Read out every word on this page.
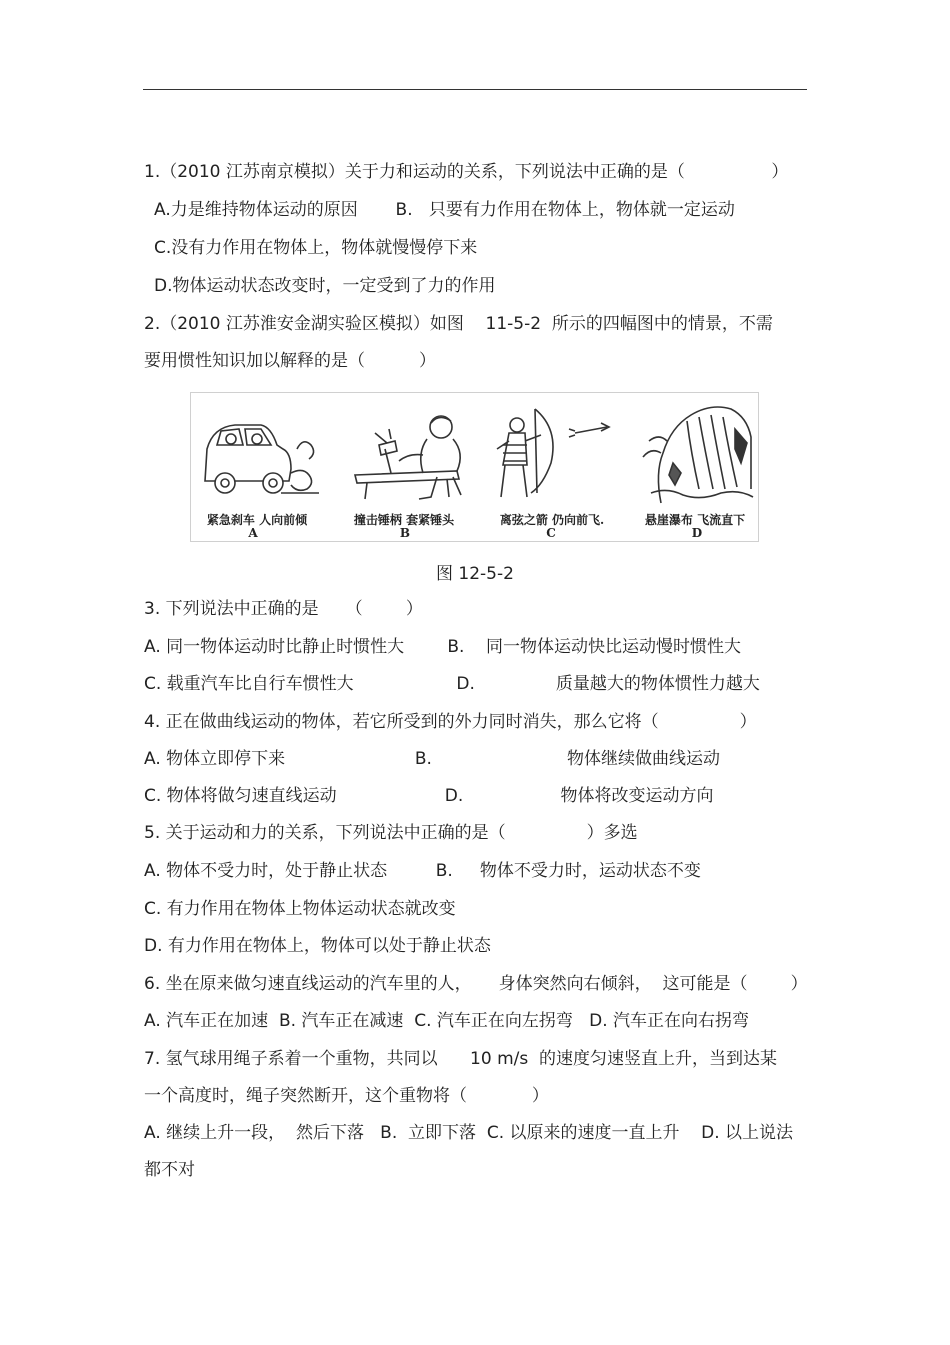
1.（2010 江苏南京模拟）关于力和运动的关系，下列说法中正确的是（                ）
A.力是维持物体运动的原因       B.   只要有力作用在物体上，物体就一定运动
C.没有力作用在物体上，物体就慢慢停下来
D.物体运动状态改变时，一定受到了力的作用
2.（2010 江苏淮安金湖实验区模拟）如图    11-5-2  所示的四幅图中的情景，不需
要用惯性知识加以解释的是（          ）
紧急刹车 人向前倾
A
撞击锤柄 套紧锤头
B
离弦之箭 仍向前飞.
C
悬崖瀑布 飞流直下
D
图 12-5-2
3. 下列说法中正确的是     （        ）
A. 同一物体运动时比静止时惯性大        B.    同一物体运动快比运动慢时惯性大
C. 载重汽车比自行车惯性大                   D.               质量越大的物体惯性力越大
4. 正在做曲线运动的物体，若它所受到的外力同时消失，那么它将（               ）
A. 物体立即停下来                        B.                         物体继续做曲线运动
C. 物体将做匀速直线运动                    D.                  物体将改变运动方向
5. 关于运动和力的关系，下列说法中正确的是（               ）多选
A. 物体不受力时，处于静止状态         B.     物体不受力时，运动状态不变
C. 有力作用在物体上物体运动状态就改变
D. 有力作用在物体上，物体可以处于静止状态
6. 坐在原来做匀速直线运动的汽车里的人，     身体突然向右倾斜，  这可能是（        ）
A. 汽车正在加速  B. 汽车正在减速  C. 汽车正在向左拐弯   D. 汽车正在向右拐弯
7. 氢气球用绳子系着一个重物，共同以      10 m/s  的速度匀速竖直上升，当到达某
一个高度时，绳子突然断开，这个重物将（            ）
A. 继续上升一段，  然后下落   B.  立即下落  C. 以原来的速度一直上升    D. 以上说法
都不对
